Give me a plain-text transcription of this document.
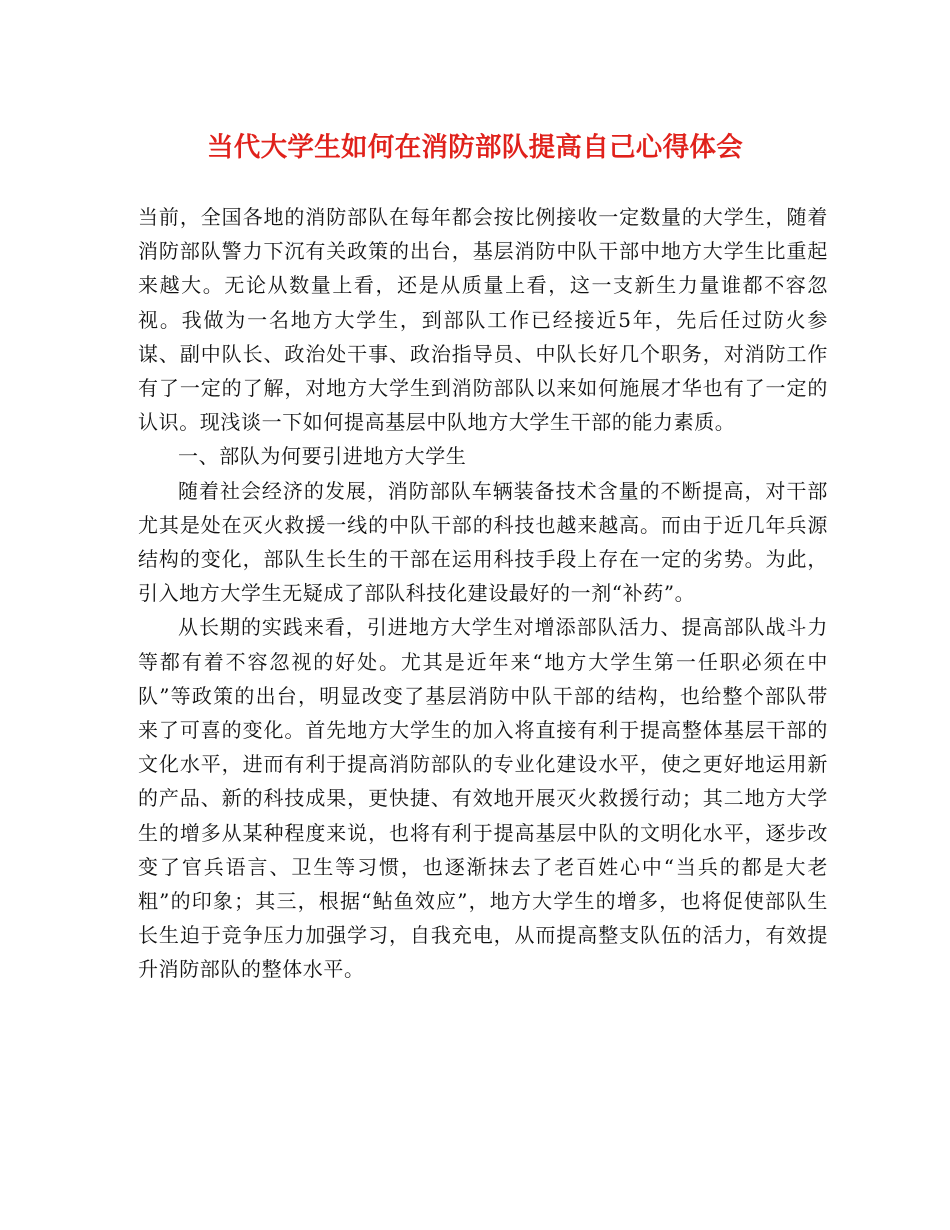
当代大学生如何在消防部队提高自己心得体会

当前，全国各地的消防部队在每年都会按比例接收一定数量的大学生，随着消防部队警力下沉有关政策的出台，基层消防中队干部中地方大学生比重起来越大。无论从数量上看，还是从质量上看，这一支新生力量谁都不容忽视。我做为一名地方大学生，到部队工作已经接近5年，先后任过防火参谋、副中队长、政治处干事、政治指导员、中队长好几个职务，对消防工作有了一定的了解，对地方大学生到消防部队以来如何施展才华也有了一定的认识。现浅谈一下如何提高基层中队地方大学生干部的能力素质。

一、部队为何要引进地方大学生

随着社会经济的发展，消防部队车辆装备技术含量的不断提高，对干部尤其是处在灭火救援一线的中队干部的科技也越来越高。而由于近几年兵源结构的变化，部队生长生的干部在运用科技手段上存在一定的劣势。为此，引入地方大学生无疑成了部队科技化建设最好的一剂“补药”。

从长期的实践来看，引进地方大学生对增添部队活力、提高部队战斗力等都有着不容忽视的好处。尤其是近年来“地方大学生第一任职必须在中队”等政策的出台，明显改变了基层消防中队干部的结构，也给整个部队带来了可喜的变化。首先地方大学生的加入将直接有利于提高整体基层干部的文化水平，进而有利于提高消防部队的专业化建设水平，使之更好地运用新的产品、新的科技成果，更快捷、有效地开展灭火救援行动；其二地方大学生的增多从某种程度来说，也将有利于提高基层中队的文明化水平，逐步改变了官兵语言、卫生等习惯，也逐渐抹去了老百姓心中“当兵的都是大老粗”的印象；其三，根据“鲇鱼效应”，地方大学生的增多，也将促使部队生长生迫于竞争压力加强学习，自我充电，从而提高整支队伍的活力，有效提升消防部队的整体水平。
